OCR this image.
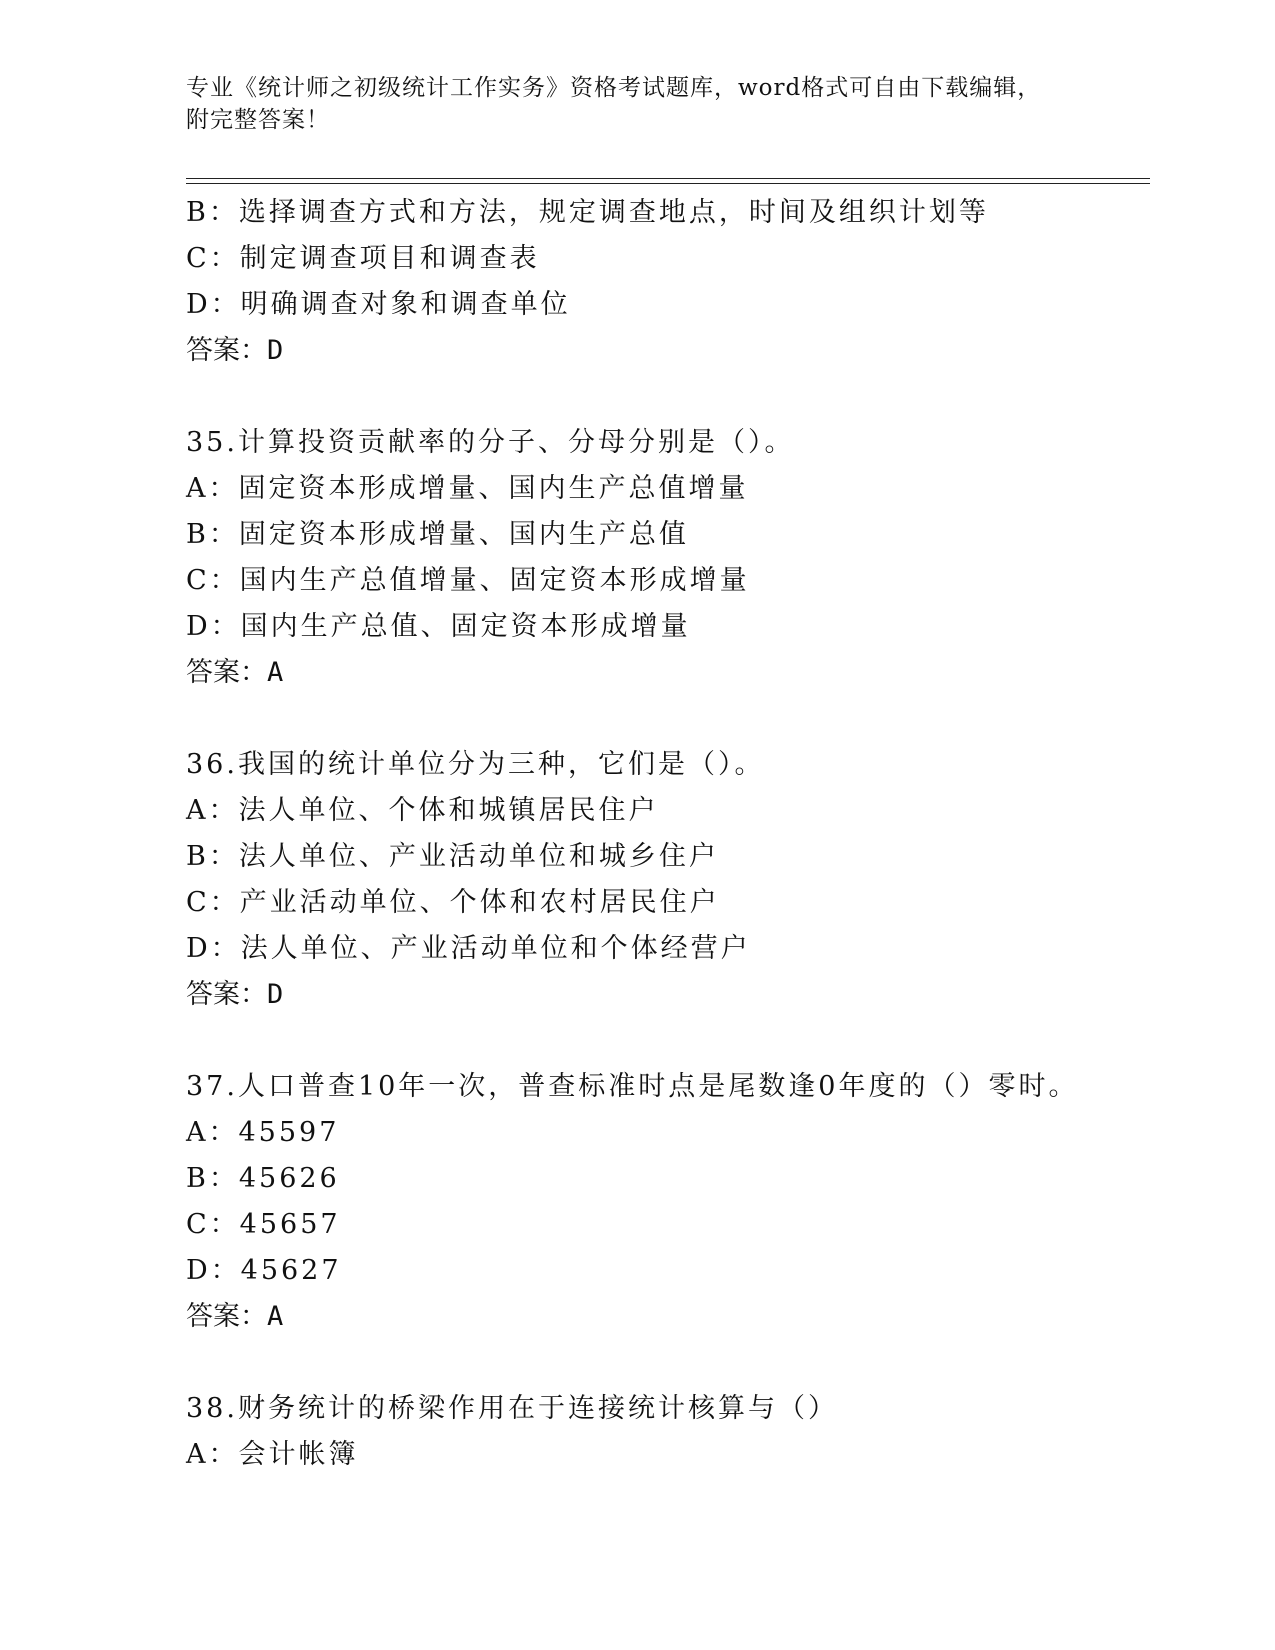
专业《统计师之初级统计工作实务》资格考试题库，word格式可自由下载编辑，
附完整答案！
B：选择调查方式和方法，规定调查地点，时间及组织计划等
C：制定调查项目和调查表
D：明确调查对象和调查单位
答案：D
35.计算投资贡献率的分子、分母分别是（）。
A：固定资本形成增量、国内生产总值增量
B：固定资本形成增量、国内生产总值
C：国内生产总值增量、固定资本形成增量
D：国内生产总值、固定资本形成增量
答案：A
36.我国的统计单位分为三种，它们是（）。
A：法人单位、个体和城镇居民住户
B：法人单位、产业活动单位和城乡住户
C：产业活动单位、个体和农村居民住户
D：法人单位、产业活动单位和个体经营户
答案：D
37.人口普查10年一次，普查标准时点是尾数逢0年度的（）零时。
A：45597
B：45626
C：45657
D：45627
答案：A
38.财务统计的桥梁作用在于连接统计核算与（）
A：会计帐簿
